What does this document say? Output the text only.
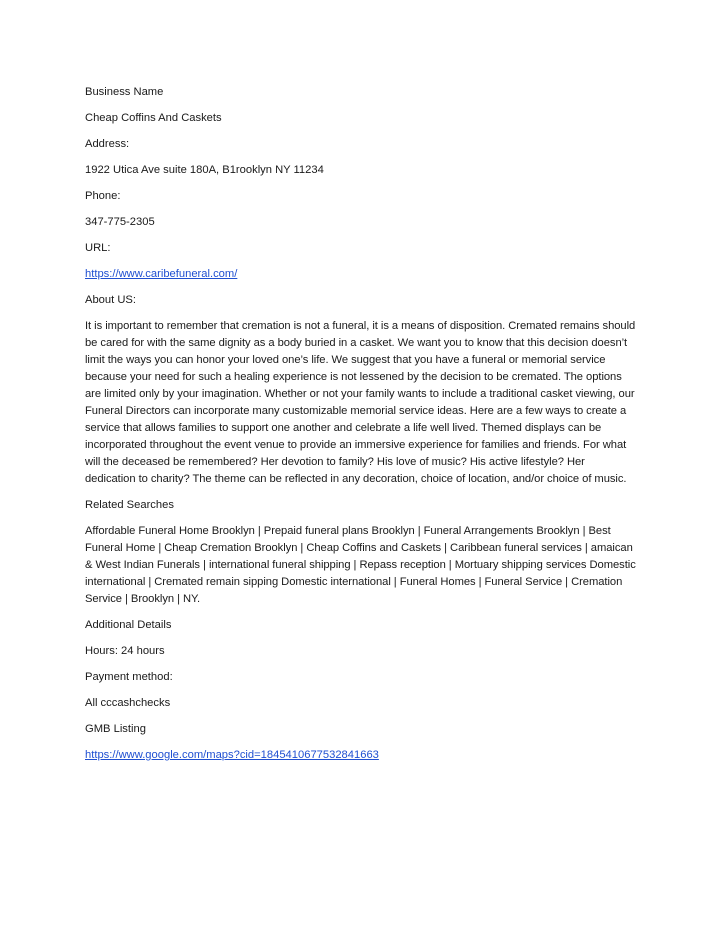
Business Name

Cheap Coffins And Caskets

Address:

1922 Utica Ave suite 180A, B1rooklyn NY 11234

Phone:

347-775-2305

URL:

https://www.caribefuneral.com/

About US:

It is important to remember that cremation is not a funeral, it is a means of disposition. Cremated remains should be cared for with the same dignity as a body buried in a casket. We want you to know that this decision doesn’t limit the ways you can honor your loved one’s life. We suggest that you have a funeral or memorial service because your need for such a healing experience is not lessened by the decision to be cremated. The options are limited only by your imagination. Whether or not your family wants to include a traditional casket viewing, our Funeral Directors can incorporate many customizable memorial service ideas. Here are a few ways to create a service that allows families to support one another and celebrate a life well lived. Themed displays can be incorporated throughout the event venue to provide an immersive experience for families and friends. For what will the deceased be remembered? Her devotion to family? His love of music? His active lifestyle? Her dedication to charity? The theme can be reflected in any decoration, choice of location, and/or choice of music.

Related Searches

Affordable Funeral Home Brooklyn | Prepaid funeral plans Brooklyn | Funeral Arrangements Brooklyn | Best Funeral Home | Cheap Cremation Brooklyn | Cheap Coffins and Caskets | Caribbean funeral services | amaican & West Indian Funerals | international funeral shipping | Repass reception | Mortuary shipping services Domestic international | Cremated remain sipping Domestic international | Funeral Homes | Funeral Service | Cremation Service | Brooklyn | NY.

Additional Details

Hours: 24 hours

Payment method:

All cccashchecks

GMB Listing

https://www.google.com/maps?cid=1845410677532841663
